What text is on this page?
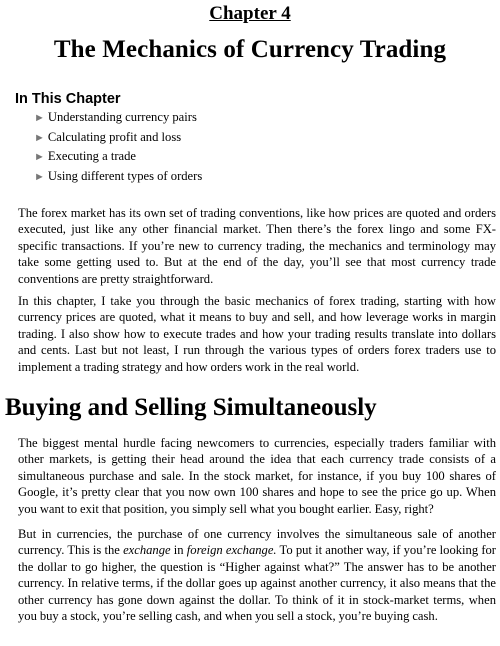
Chapter 4
The Mechanics of Currency Trading
In This Chapter
► Understanding currency pairs
► Calculating profit and loss
► Executing a trade
► Using different types of orders

The forex market has its own set of trading conventions, like how prices are quoted and orders executed, just like any other financial market. Then there’s the forex lingo and some FX-specific transactions. If you’re new to currency trading, the mechanics and terminology may take some getting used to. But at the end of the day, you’ll see that most currency trade conventions are pretty straightforward.

In this chapter, I take you through the basic mechanics of forex trading, starting with how currency prices are quoted, what it means to buy and sell, and how leverage works in margin trading. I also show how to execute trades and how your trading results translate into dollars and cents. Last but not least, I run through the various types of orders forex traders use to implement a trading strategy and how orders work in the real world.

Buying and Selling Simultaneously

The biggest mental hurdle facing newcomers to currencies, especially traders familiar with other markets, is getting their head around the idea that each currency trade consists of a simultaneous purchase and sale. In the stock market, for instance, if you buy 100 shares of Google, it’s pretty clear that you now own 100 shares and hope to see the price go up. When you want to exit that position, you simply sell what you bought earlier. Easy, right?

But in currencies, the purchase of one currency involves the simultaneous sale of another currency. This is the exchange in foreign exchange. To put it another way, if you’re looking for the dollar to go higher, the question is “Higher against what?” The answer has to be another currency. In relative terms, if the dollar goes up against another currency, it also means that the other currency has gone down against the dollar. To think of it in stock-market terms, when you buy a stock, you’re selling cash, and when you sell a stock, you’re buying cash.
